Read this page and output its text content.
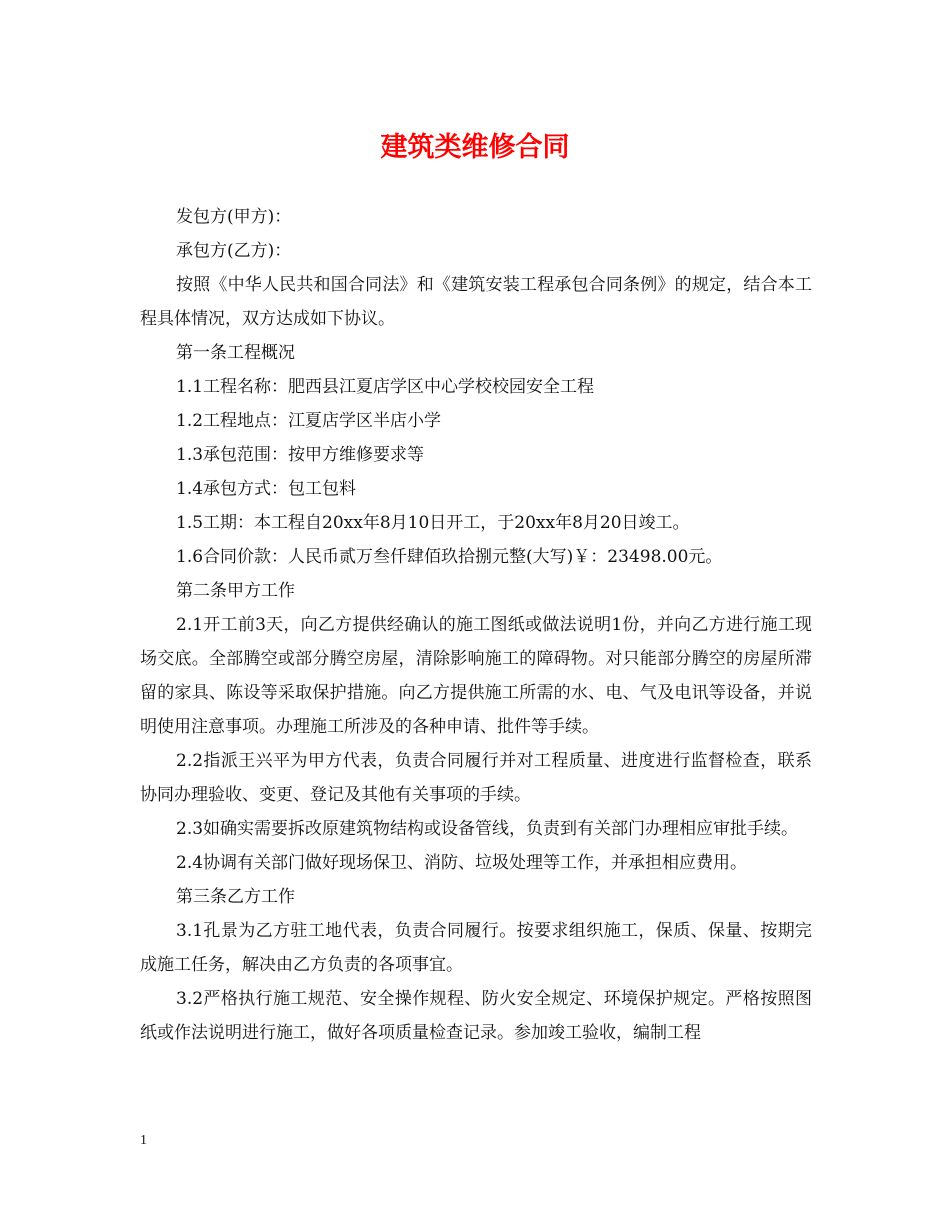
建筑类维修合同

发包方(甲方)：

承包方(乙方)：

按照《中华人民共和国合同法》和《建筑安装工程承包合同条例》的规定，结合本工程具体情况，双方达成如下协议。

第一条工程概况

1.1工程名称：肥西县江夏店学区中心学校校园安全工程

1.2工程地点：江夏店学区半店小学

1.3承包范围：按甲方维修要求等

1.4承包方式：包工包料

1.5工期：本工程自20xx年8月10日开工，于20xx年8月20日竣工。

1.6合同价款：人民币贰万叁仟肆佰玖拾捌元整(大写)￥：23498.00元。

第二条甲方工作

2.1开工前3天，向乙方提供经确认的施工图纸或做法说明1份，并向乙方进行施工现场交底。全部腾空或部分腾空房屋，清除影响施工的障碍物。对只能部分腾空的房屋所滞留的家具、陈设等采取保护措施。向乙方提供施工所需的水、电、气及电讯等设备，并说明使用注意事项。办理施工所涉及的各种申请、批件等手续。

2.2指派王兴平为甲方代表，负责合同履行并对工程质量、进度进行监督检查，联系协同办理验收、变更、登记及其他有关事项的手续。

2.3如确实需要拆改原建筑物结构或设备管线，负责到有关部门办理相应审批手续。

2.4协调有关部门做好现场保卫、消防、垃圾处理等工作，并承担相应费用。

第三条乙方工作

3.1孔景为乙方驻工地代表，负责合同履行。按要求组织施工，保质、保量、按期完成施工任务，解决由乙方负责的各项事宜。

3.2严格执行施工规范、安全操作规程、防火安全规定、环境保护规定。严格按照图纸或作法说明进行施工，做好各项质量检查记录。参加竣工验收，编制工程

1
